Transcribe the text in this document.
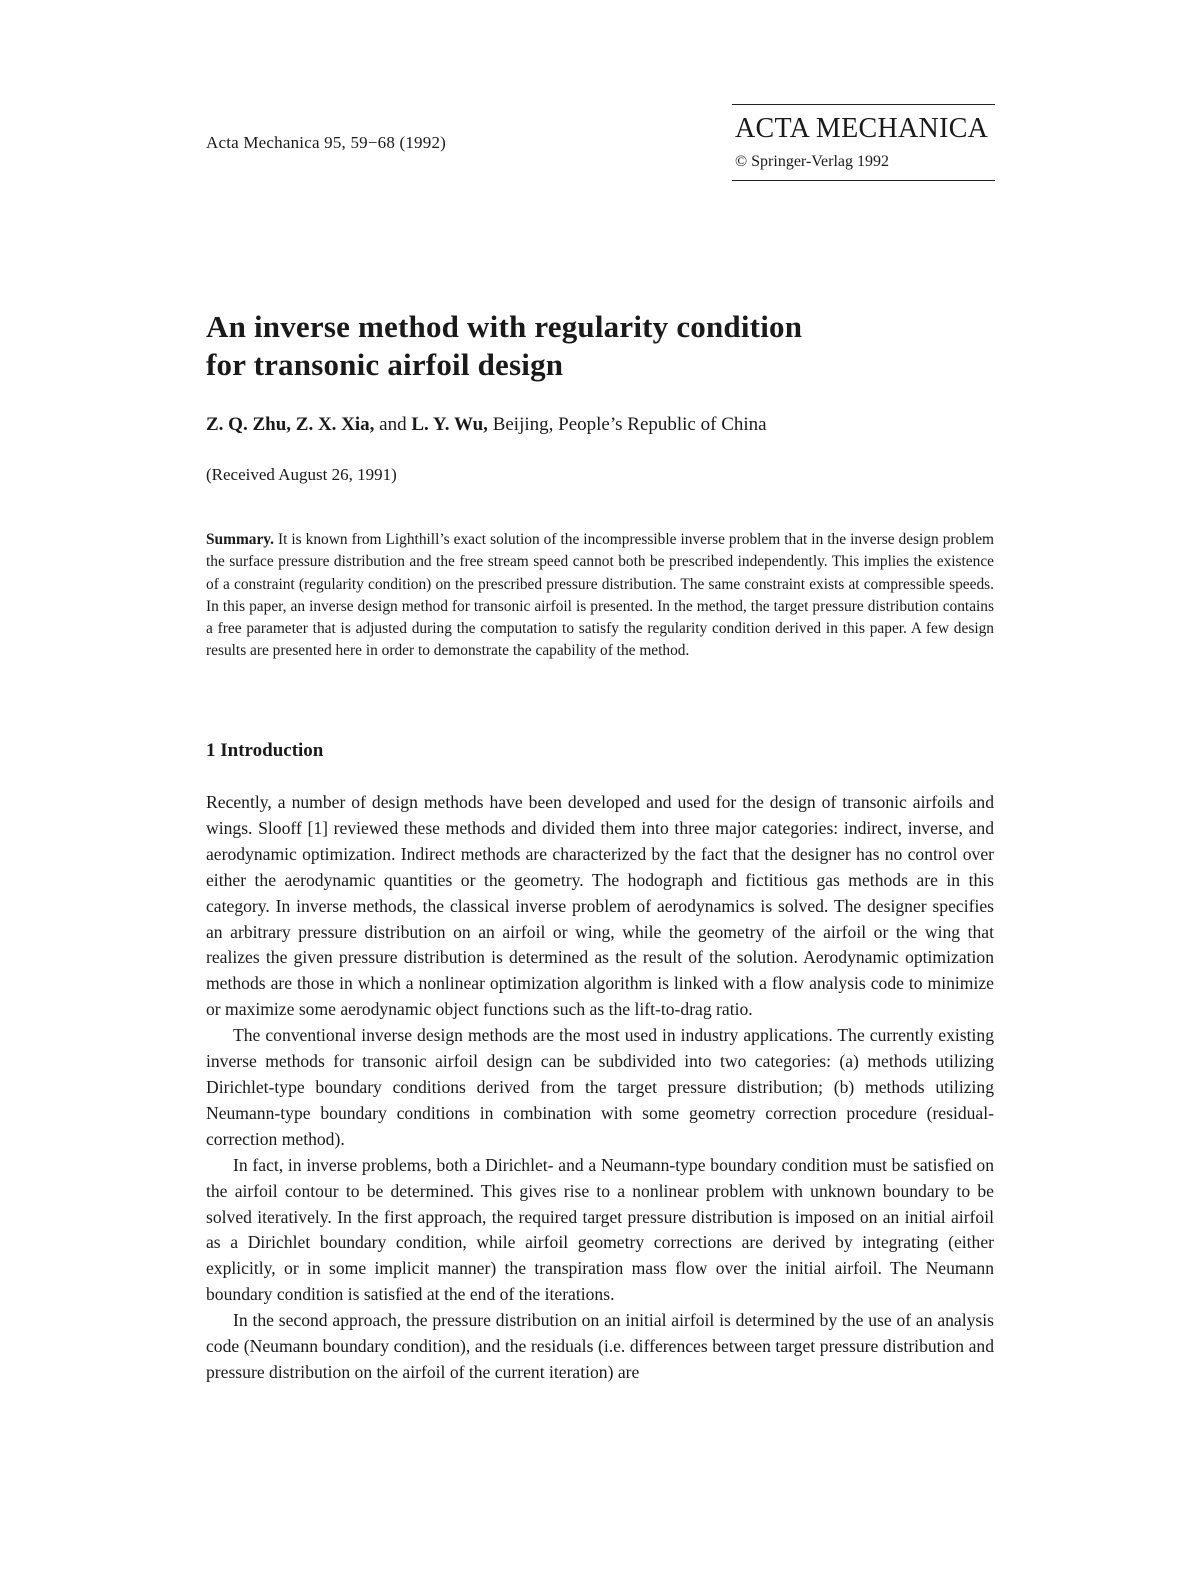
Acta Mechanica 95, 59−68 (1992)	ACTA MECHANICA
© Springer-Verlag 1992
An inverse method with regularity condition
for transonic airfoil design
Z. Q. Zhu, Z. X. Xia, and L. Y. Wu, Beijing, People’s Republic of China
(Received August 26, 1991)
Summary. It is known from Lighthill’s exact solution of the incompressible inverse problem that in the inverse design problem the surface pressure distribution and the free stream speed cannot both be prescribed independently. This implies the existence of a constraint (regularity condition) on the prescribed pressure distribution. The same constraint exists at compressible speeds. In this paper, an inverse design method for transonic airfoil is presented. In the method, the target pressure distribution contains a free parameter that is adjusted during the computation to satisfy the regularity condition derived in this paper. A few design results are presented here in order to demonstrate the capability of the method.
1 Introduction

Recently, a number of design methods have been developed and used for the design of transonic airfoils and wings. Slooff [1] reviewed these methods and divided them into three major categories: indirect, inverse, and aerodynamic optimization. Indirect methods are characterized by the fact that the designer has no control over either the aerodynamic quantities or the geometry. The hodograph and fictitious gas methods are in this category. In inverse methods, the classical inverse problem of aerodynamics is solved. The designer specifies an arbitrary pressure distribution on an airfoil or wing, while the geometry of the airfoil or the wing that realizes the given pressure distribution is determined as the result of the solution. Aerodynamic optimization methods are those in which a nonlinear optimization algorithm is linked with a flow analysis code to minimize or maximize some aerodynamic object functions such as the lift-to-drag ratio.

The conventional inverse design methods are the most used in industry applications. The currently existing inverse methods for transonic airfoil design can be subdivided into two categories: (a) methods utilizing Dirichlet-type boundary conditions derived from the target pressure distribution; (b) methods utilizing Neumann-type boundary conditions in combination with some geometry correction procedure (residual-correction method).

In fact, in inverse problems, both a Dirichlet- and a Neumann-type boundary condition must be satisfied on the airfoil contour to be determined. This gives rise to a nonlinear problem with unknown boundary to be solved iteratively. In the first approach, the required target pressure distribution is imposed on an initial airfoil as a Dirichlet boundary condition, while airfoil geometry corrections are derived by integrating (either explicitly, or in some implicit manner) the transpiration mass flow over the initial airfoil. The Neumann boundary condition is satisfied at the end of the iterations.

In the second approach, the pressure distribution on an initial airfoil is determined by the use of an analysis code (Neumann boundary condition), and the residuals (i.e. differences between target pressure distribution and pressure distribution on the airfoil of the current iteration) are
